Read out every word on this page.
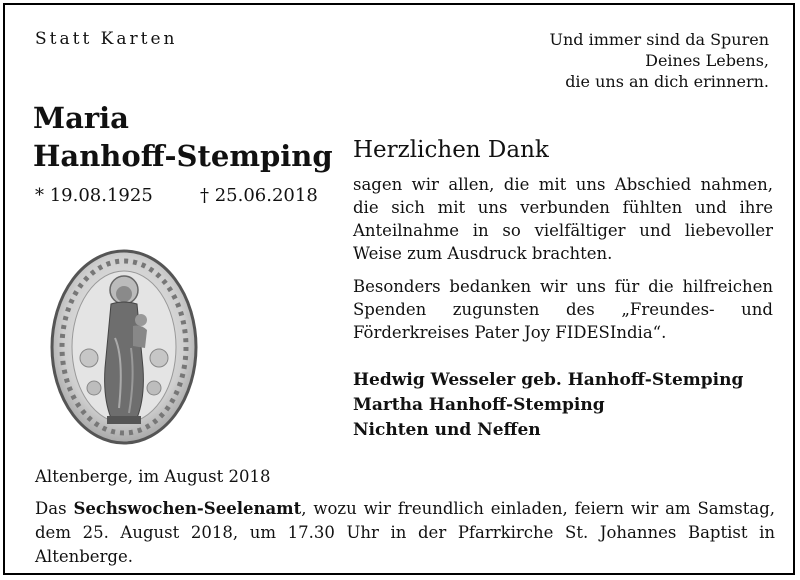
Statt Karten	Und immer sind da Spuren
Deines Lebens,
die uns an dich erinnern.
Maria
Hanhoff-Stemping
* 19.08.1925	† 25.06.2018
Herzlichen Dank

sagen wir allen, die mit uns Abschied nahmen, die sich mit uns verbunden fühlten und ihre Anteilnahme in so vielfältiger und liebevoller Weise zum Ausdruck brachten.

Besonders bedanken wir uns für die hilfreichen Spenden zugunsten des „Freundes- und Förderkreises Pater Joy FIDESIndia“.

Hedwig Wesseler geb. Hanhoff-Stemping
Martha Hanhoff-Stemping
Nichten und Neffen
Altenberge, im August 2018
Das Sechswochen-Seelenamt, wozu wir freundlich einladen, feiern wir am Samstag, dem 25. August 2018, um 17.30 Uhr in der Pfarrkirche St. Johannes Baptist in Altenberge.
